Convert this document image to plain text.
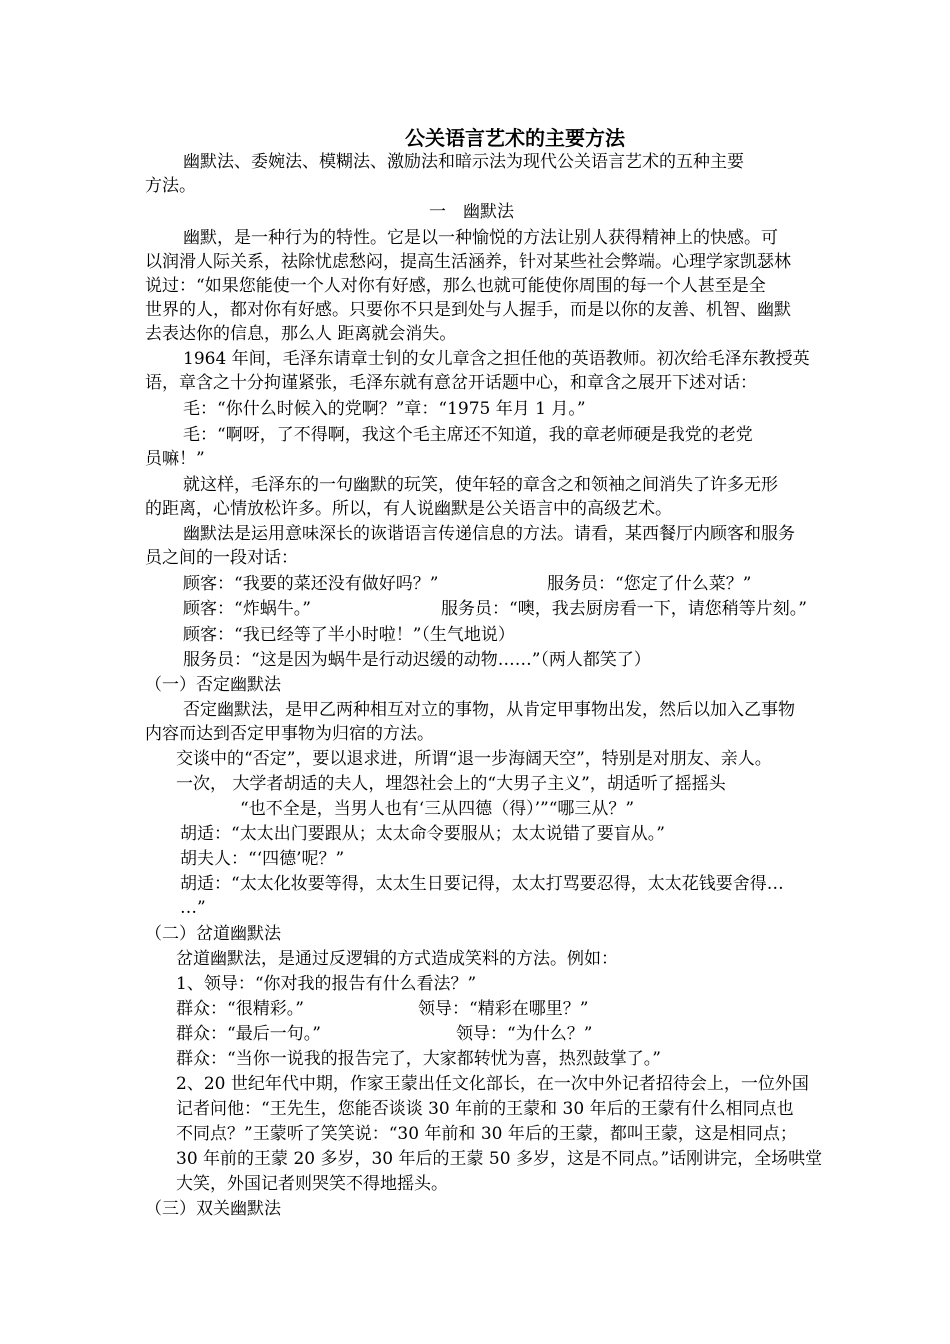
公关语言艺术的主要方法
幽默法、委婉法、模糊法、激励法和暗示法为现代公关语言艺术的五种主要
方法。
一　幽默法
幽默，是一种行为的特性。它是以一种愉悦的方法让别人获得精神上的快感。可
以润滑人际关系，祛除忧虑愁闷，提高生活涵养，针对某些社会弊端。心理学家凯瑟林
说过：“如果您能使一个人对你有好感，那么也就可能使你周围的每一个人甚至是全
世界的人，都对你有好感。只要你不只是到处与人握手，而是以你的友善、机智、幽默
去表达你的信息，那么人 距离就会消失。
1964 年间，毛泽东请章士钊的女儿章含之担任他的英语教师。初次给毛泽东教授英
语，章含之十分拘谨紧张，毛泽东就有意岔开话题中心，和章含之展开下述对话：
毛：“你什么时候入的党啊？”章：“1975 年月 1 月。”
毛：“啊呀，了不得啊，我这个毛主席还不知道，我的章老师硬是我党的老党
员嘛！”
就这样，毛泽东的一句幽默的玩笑，使年轻的章含之和领袖之间消失了许多无形
的距离，心情放松许多。所以，有人说幽默是公关语言中的高级艺术。
幽默法是运用意味深长的诙谐语言传递信息的方法。请看，某西餐厅内顾客和服务
员之间的一段对话：
顾客：“我要的菜还没有做好吗？”	服务员：“您定了什么菜？”
顾客：“炸蜗牛。”	服务员：“噢，我去厨房看一下，请您稍等片刻。”
顾客：“我已经等了半小时啦！”（生气地说）
服务员：“这是因为蜗牛是行动迟缓的动物……”（两人都笑了）
（一）否定幽默法
否定幽默法，是甲乙两种相互对立的事物，从肯定甲事物出发，然后以加入乙事物
内容而达到否定甲事物为归宿的方法。
交谈中的“否定”，要以退求进，所谓“退一步海阔天空”，特别是对朋友、亲人。
一次， 大学者胡适的夫人，埋怨社会上的“大男子主义”，胡适听了摇摇头
“也不全是，当男人也有‘三从四德（得）’”“哪三从？”
胡适：“太太出门要跟从；太太命令要服从；太太说错了要盲从。”
胡夫人：“‘四德’呢？”
胡适：“太太化妆要等得，太太生日要记得，太太打骂要忍得，太太花钱要舍得…
…”
（二）岔道幽默法
岔道幽默法，是通过反逻辑的方式造成笑料的方法。例如：
1、领导：“你对我的报告有什么看法？”
群众：“很精彩。”	领导：“精彩在哪里？”
群众：“最后一句。”	领导：“为什么？”
群众：“当你一说我的报告完了，大家都转忧为喜，热烈鼓掌了。”
2、20 世纪年代中期，作家王蒙出任文化部长，在一次中外记者招待会上，一位外国
记者问他：“王先生，您能否谈谈 30 年前的王蒙和 30 年后的王蒙有什么相同点也
不同点？”王蒙听了笑笑说：“30 年前和 30 年后的王蒙，都叫王蒙，这是相同点；
30 年前的王蒙 20 多岁，30 年后的王蒙 50 多岁，这是不同点。”话刚讲完，全场哄堂
大笑，外国记者则哭笑不得地摇头。
（三）双关幽默法
